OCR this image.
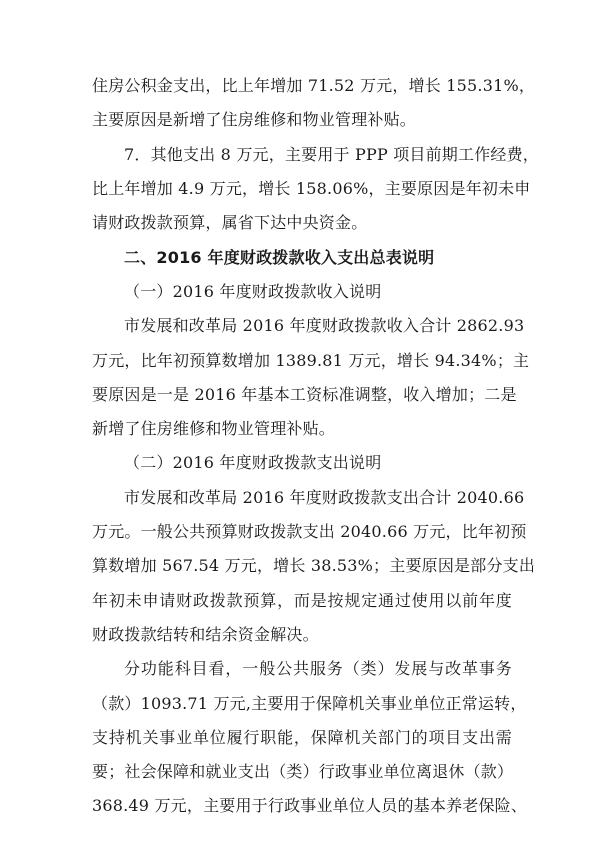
住房公积金支出，比上年增加 71.52 万元，增长 155.31%，
主要原因是新增了住房维修和物业管理补贴。
7．其他支出 8 万元，主要用于 PPP 项目前期工作经费，
比上年增加 4.9 万元，增长 158.06%，主要原因是年初未申
请财政拨款预算，属省下达中央资金。
二、2016 年度财政拨款收入支出总表说明
（一）2016 年度财政拨款收入说明
市发展和改革局 2016 年度财政拨款收入合计 2862.93
万元，比年初预算数增加 1389.81 万元，增长 94.34%；主
要原因是一是 2016 年基本工资标准调整，收入增加；二是
新增了住房维修和物业管理补贴。
（二）2016 年度财政拨款支出说明
市发展和改革局 2016 年度财政拨款支出合计 2040.66
万元。一般公共预算财政拨款支出 2040.66 万元，比年初预
算数增加 567.54 万元，增长 38.53%；主要原因是部分支出
年初未申请财政拨款预算，而是按规定通过使用以前年度
财政拨款结转和结余资金解决。
分功能科目看，一般公共服务（类）发展与改革事务
（款）1093.71 万元,主要用于保障机关事业单位正常运转，
支持机关事业单位履行职能，保障机关部门的项目支出需
要；社会保障和就业支出（类）行政事业单位离退休（款）
368.49 万元，主要用于行政事业单位人员的基本养老保险、
